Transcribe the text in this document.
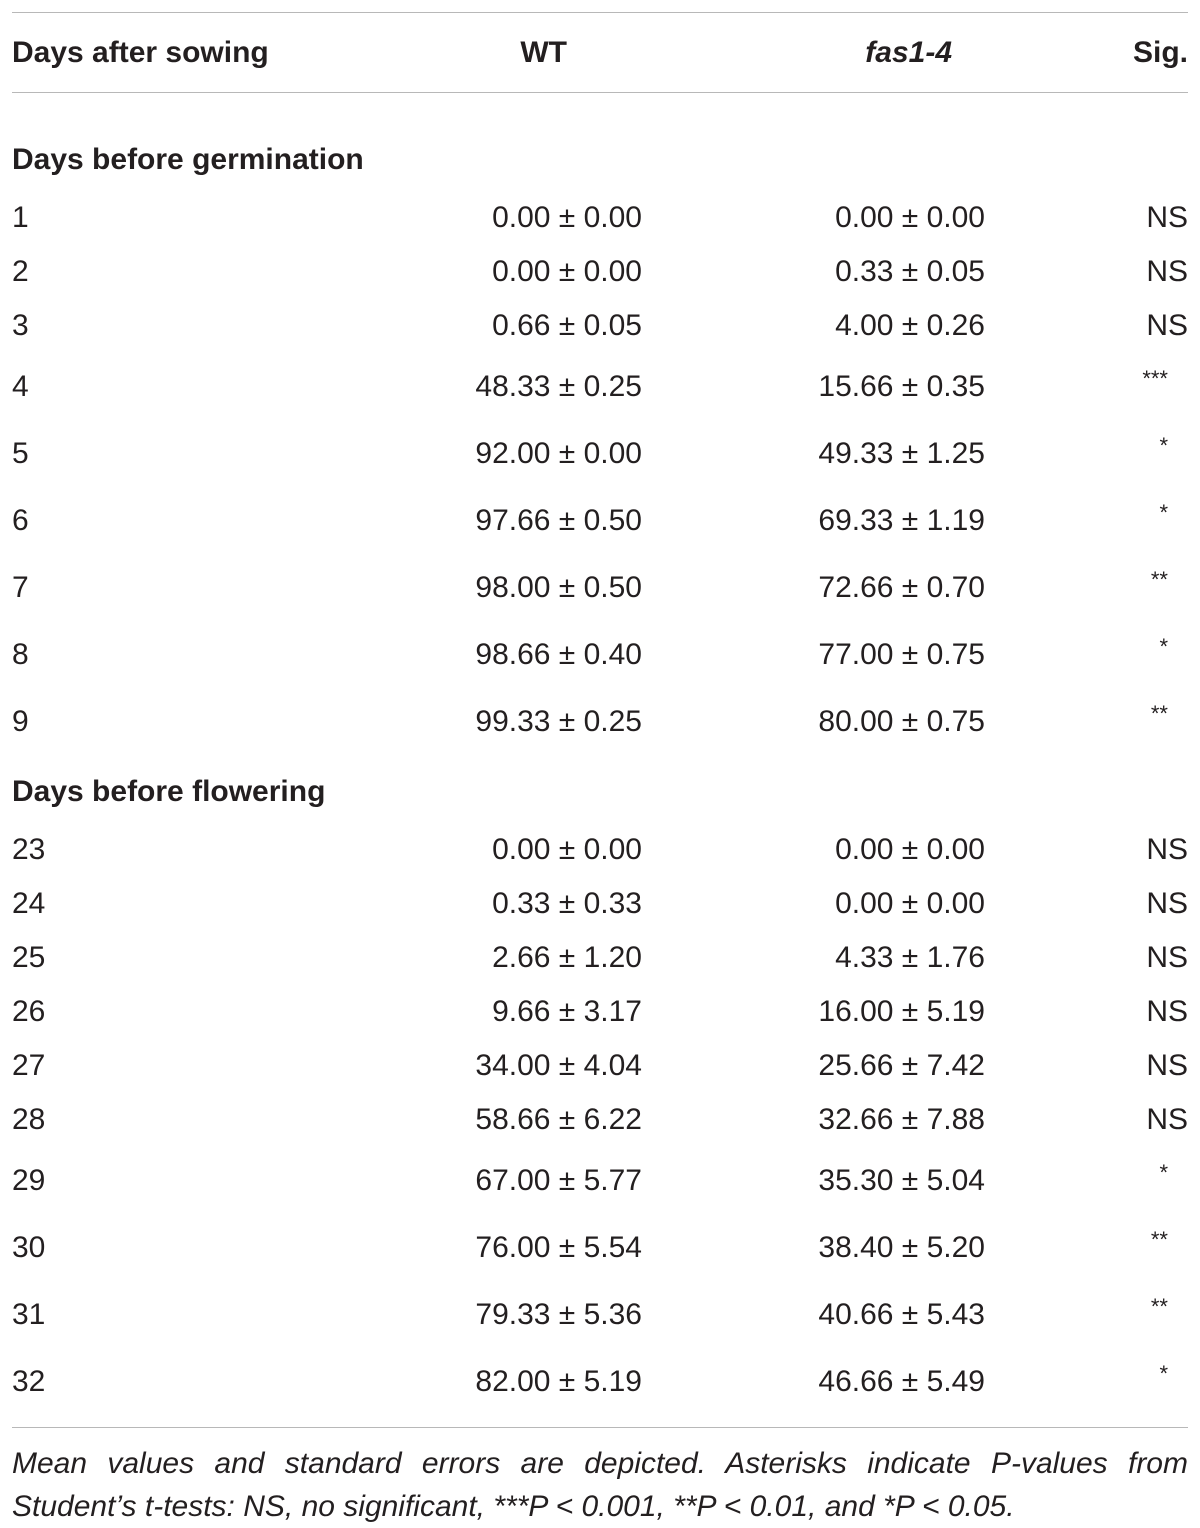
Days after sowing	WT	fas1-4	Sig.

Days before germination			
1	0.00 ± 0.00	0.00 ± 0.00	NS
2	0.00 ± 0.00	0.33 ± 0.05	NS
3	0.66 ± 0.05	4.00 ± 0.26	NS
4	48.33 ± 0.25	15.66 ± 0.35	***
5	92.00 ± 0.00	49.33 ± 1.25	*
6	97.66 ± 0.50	69.33 ± 1.19	*
7	98.00 ± 0.50	72.66 ± 0.70	**
8	98.66 ± 0.40	77.00 ± 0.75	*
9	99.33 ± 0.25	80.00 ± 0.75	**
Days before flowering			
23	0.00 ± 0.00	0.00 ± 0.00	NS
24	0.33 ± 0.33	0.00 ± 0.00	NS
25	2.66 ± 1.20	4.33 ± 1.76	NS
26	9.66 ± 3.17	16.00 ± 5.19	NS
27	34.00 ± 4.04	25.66 ± 7.42	NS
28	58.66 ± 6.22	32.66 ± 7.88	NS
29	67.00 ± 5.77	35.30 ± 5.04	*
30	76.00 ± 5.54	38.40 ± 5.20	**
31	79.33 ± 5.36	40.66 ± 5.43	**
32	82.00 ± 5.19	46.66 ± 5.49	*
Mean values and standard errors are depicted. Asterisks indicate P-values from Student’s t-tests: NS, no significant, ***P < 0.001, **P < 0.01, and *P < 0.05.
